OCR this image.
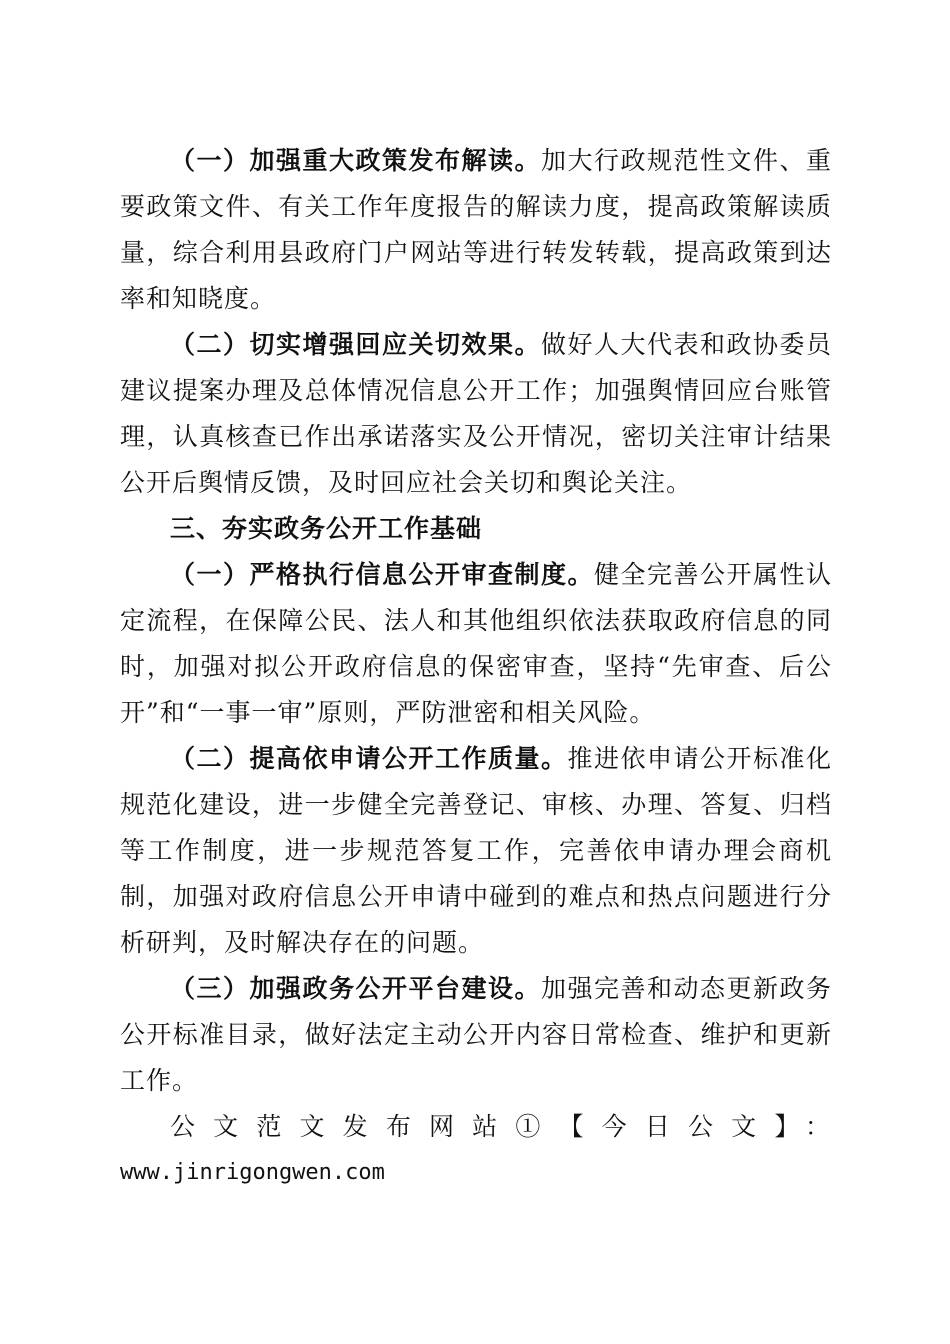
（一）加强重大政策发布解读。加大行政规范性文件、重要政策文件、有关工作年度报告的解读力度，提高政策解读质量，综合利用县政府门户网站等进行转发转载，提高政策到达率和知晓度。

（二）切实增强回应关切效果。做好人大代表和政协委员建议提案办理及总体情况信息公开工作；加强舆情回应台账管理，认真核查已作出承诺落实及公开情况，密切关注审计结果公开后舆情反馈，及时回应社会关切和舆论关注。

三、夯实政务公开工作基础

（一）严格执行信息公开审查制度。健全完善公开属性认定流程，在保障公民、法人和其他组织依法获取政府信息的同时，加强对拟公开政府信息的保密审查，坚持“先审查、后公开”和“一事一审”原则，严防泄密和相关风险。

（二）提高依申请公开工作质量。推进依申请公开标准化规范化建设，进一步健全完善登记、审核、办理、答复、归档等工作制度，进一步规范答复工作，完善依申请办理会商机制，加强对政府信息公开申请中碰到的难点和热点问题进行分析研判，及时解决存在的问题。

（三）加强政务公开平台建设。加强完善和动态更新政务公开标准目录，做好法定主动公开内容日常检查、维护和更新工作。

公文范文发布网站①【今日公文】：

www.jinrigongwen.com
